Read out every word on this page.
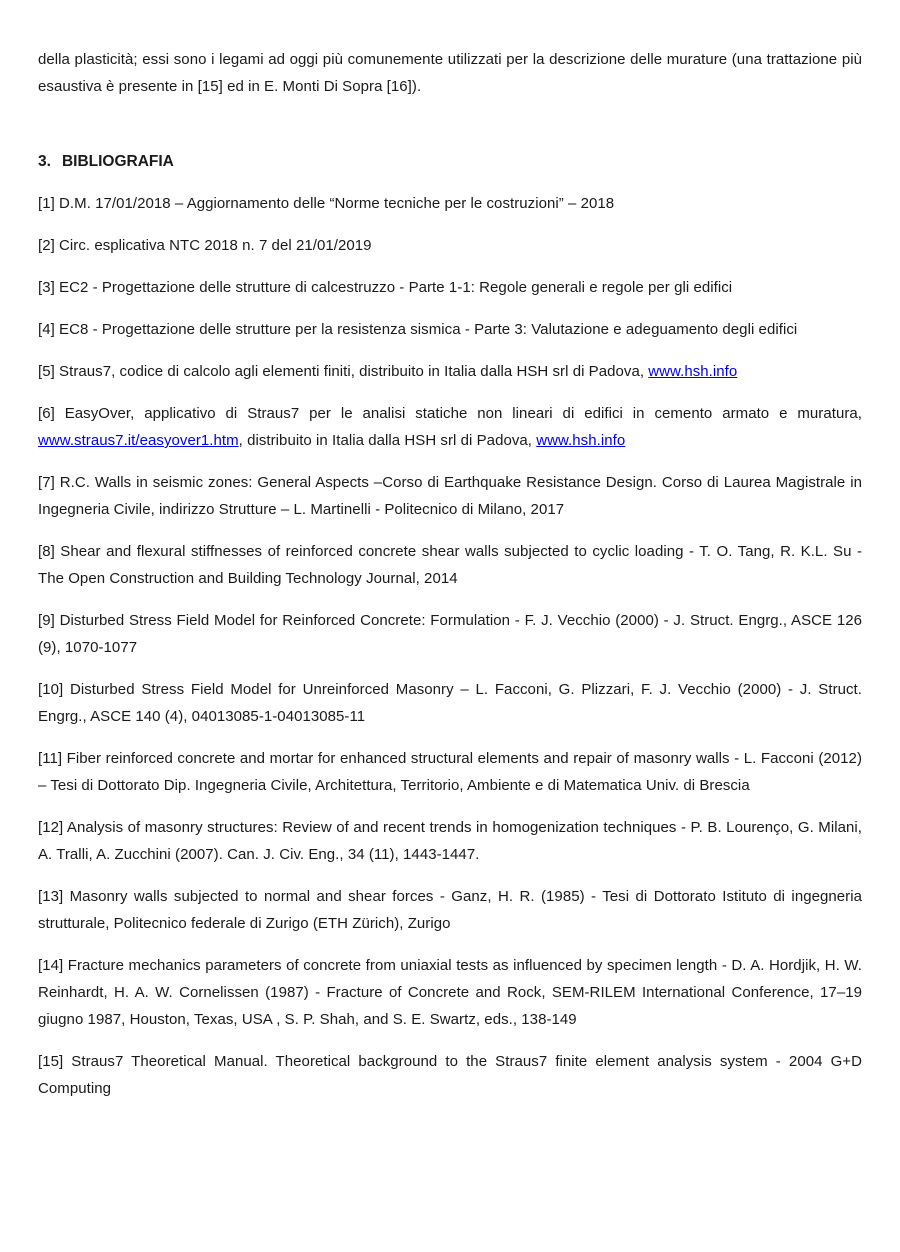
della plasticità; essi sono i legami ad oggi più comunemente utilizzati per la descrizione delle murature (una trattazione più esaustiva è presente in [15] ed in E. Monti Di Sopra [16]).

3. BIBLIOGRAFIA

[1] D.M. 17/01/2018 – Aggiornamento delle “Norme tecniche per le costruzioni” – 2018

[2] Circ. esplicativa NTC 2018 n. 7 del 21/01/2019

[3] EC2 - Progettazione delle strutture di calcestruzzo - Parte 1-1: Regole generali e regole per gli edifici

[4] EC8 - Progettazione delle strutture per la resistenza sismica - Parte 3: Valutazione e adeguamento degli edifici

[5] Straus7, codice di calcolo agli elementi finiti, distribuito in Italia dalla HSH srl di Padova, www.hsh.info

[6] EasyOver, applicativo di Straus7 per le analisi statiche non lineari di edifici in cemento armato e muratura, www.straus7.it/easyover1.htm, distribuito in Italia dalla HSH srl di Padova, www.hsh.info

[7] R.C. Walls in seismic zones: General Aspects –Corso di Earthquake Resistance Design. Corso di Laurea Magistrale in Ingegneria Civile, indirizzo Strutture – L. Martinelli - Politecnico di Milano, 2017

[8] Shear and flexural stiffnesses of reinforced concrete shear walls subjected to cyclic loading - T. O. Tang, R. K.L. Su - The Open Construction and Building Technology Journal, 2014

[9] Disturbed Stress Field Model for Reinforced Concrete: Formulation - F. J. Vecchio (2000) - J. Struct. Engrg., ASCE 126 (9), 1070-1077

[10] Disturbed Stress Field Model for Unreinforced Masonry – L. Facconi, G. Plizzari, F. J. Vecchio (2000) - J. Struct. Engrg., ASCE 140 (4), 04013085-1-04013085-11

[11] Fiber reinforced concrete and mortar for enhanced structural elements and repair of masonry walls - L. Facconi (2012) – Tesi di Dottorato Dip. Ingegneria Civile, Architettura, Territorio, Ambiente e di Matematica Univ. di Brescia

[12] Analysis of masonry structures: Review of and recent trends in homogenization techniques - P. B. Lourenço, G. Milani, A. Tralli, A. Zucchini (2007). Can. J. Civ. Eng., 34 (11), 1443-1447.

[13] Masonry walls subjected to normal and shear forces - Ganz, H. R. (1985) - Tesi di Dottorato Istituto di ingegneria strutturale, Politecnico federale di Zurigo (ETH Zürich), Zurigo

[14] Fracture mechanics parameters of concrete from uniaxial tests as influenced by specimen length - D. A. Hordjik, H. W. Reinhardt, H. A. W. Cornelissen (1987) - Fracture of Concrete and Rock, SEM-RILEM International Conference, 17–19 giugno 1987, Houston, Texas, USA , S. P. Shah, and S. E. Swartz, eds., 138-149

[15] Straus7 Theoretical Manual. Theoretical background to the Straus7 finite element analysis system - 2004 G+D Computing
